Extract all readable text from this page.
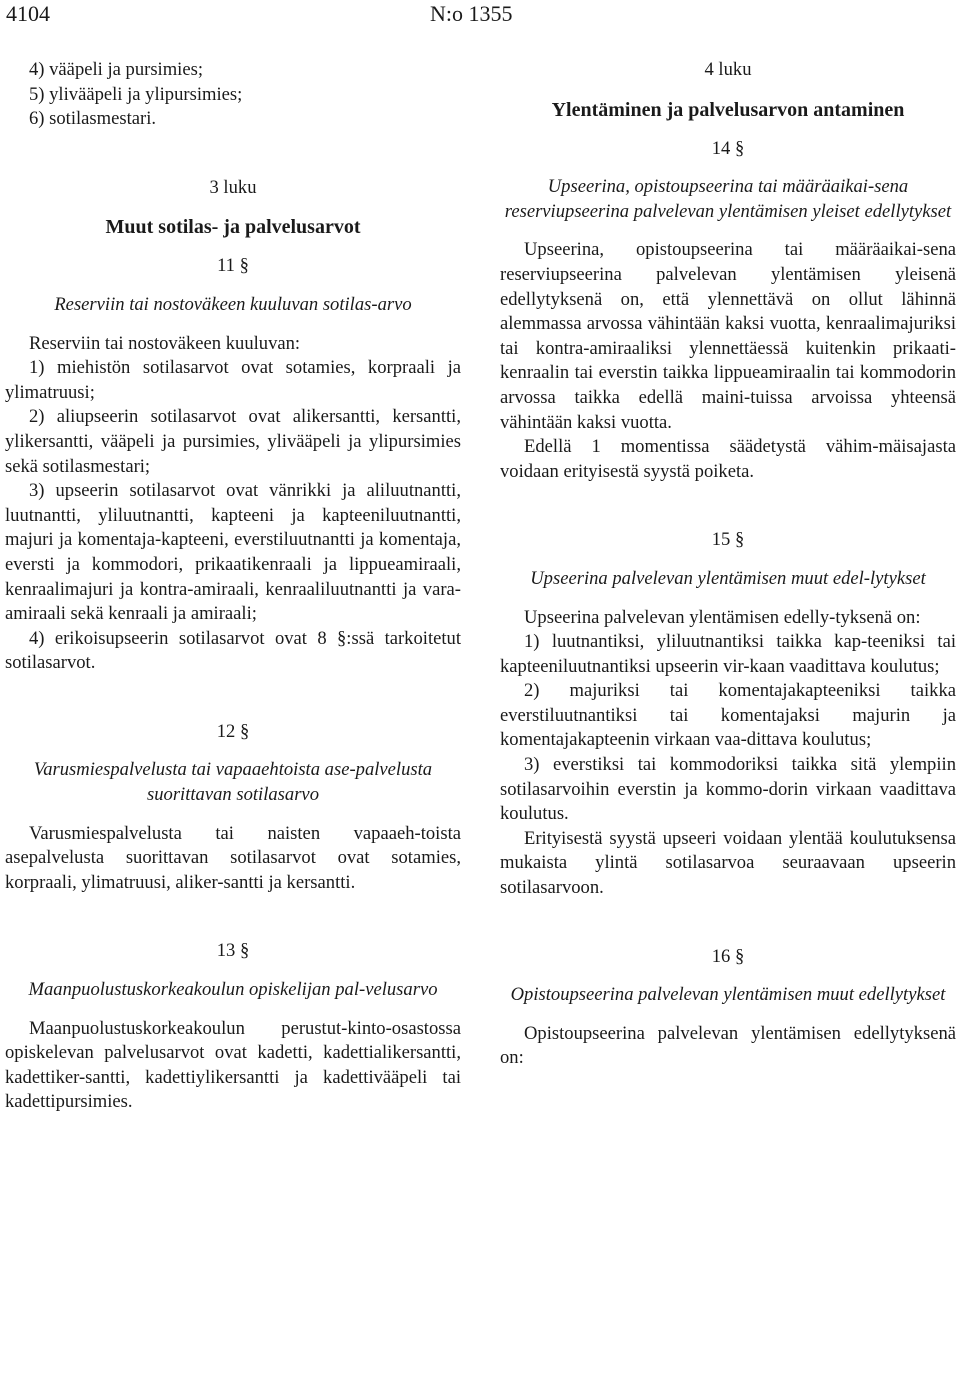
4104	N:o 1355

4) vääpeli ja pursimies;

5) ylivääpeli ja ylipursimies;

6) sotilasmestari.

3 luku

Muut sotilas- ja palvelusarvot

11 §

Reserviin tai nostoväkeen kuuluvan sotilas-arvo

Reserviin tai nostoväkeen kuuluvan:

1) miehistön sotilasarvot ovat sotamies, korpraali ja ylimatruusi;

2) aliupseerin sotilasarvot ovat alikersantti, kersantti, ylikersantti, vääpeli ja pursimies, ylivääpeli ja ylipursimies sekä sotilasmestari;

3) upseerin sotilasarvot ovat vänrikki ja aliluutnantti, luutnantti, yliluutnantti, kapteeni ja kapteeniluutnantti, majuri ja komentaja-kapteeni, everstiluutnantti ja komentaja, eversti ja kommodori, prikaatikenraali ja lippueamiraali, kenraalimajuri ja kontra-amiraali, kenraaliluutnantti ja vara-amiraali sekä kenraali ja amiraali;

4) erikoisupseerin sotilasarvot ovat 8 §:ssä tarkoitetut sotilasarvot.

12 §

Varusmiespalvelusta tai vapaaehtoista ase-palvelusta suorittavan sotilasarvo

Varusmiespalvelusta tai naisten vapaaeh-toista asepalvelusta suorittavan sotilasarvot ovat sotamies, korpraali, ylimatruusi, aliker-santti ja kersantti.

13 §

Maanpuolustuskorkeakoulun opiskelijan pal-velusarvo

Maanpuolustuskorkeakoulun perustut-kinto-osastossa opiskelevan palvelusarvot ovat kadetti, kadettialikersantti, kadettiker-santti, kadettiylikersantti ja kadettivääpeli tai kadettipursimies.

4 luku

Ylentäminen ja palvelusarvon antaminen

14 §

Upseerina, opistoupseerina tai määräaikai-sena reserviupseerina palvelevan ylentämisen yleiset edellytykset

Upseerina, opistoupseerina tai määräaikai-sena reserviupseerina palvelevan ylentämisen yleisenä edellytyksenä on, että ylennettävä on ollut lähinnä alemmassa arvossa vähintään kaksi vuotta, kenraalimajuriksi tai kontra-amiraaliksi ylennettäessä kuitenkin prikaati-kenraalin tai everstin taikka lippueamiraalin tai kommodorin arvossa taikka edellä maini-tuissa arvoissa yhteensä vähintään kaksi vuotta.

Edellä 1 momentissa säädetystä vähim-mäisajasta voidaan erityisestä syystä poiketa.

15 §

Upseerina palvelevan ylentämisen muut edel-lytykset

Upseerina palvelevan ylentämisen edelly-tyksenä on:

1) luutnantiksi, yliluutnantiksi taikka kap-teeniksi tai kapteeniluutnantiksi upseerin vir-kaan vaadittava koulutus;

2) majuriksi tai komentajakapteeniksi taikka everstiluutnantiksi tai komentajaksi majurin ja komentajakapteenin virkaan vaa-dittava koulutus;

3) everstiksi tai kommodoriksi taikka sitä ylempiin sotilasarvoihin everstin ja kommo-dorin virkaan vaadittava koulutus.

Erityisestä syystä upseeri voidaan ylentää koulutuksensa mukaista ylintä sotilasarvoa seuraavaan upseerin sotilasarvoon.

16 §

Opistoupseerina palvelevan ylentämisen muut edellytykset

Opistoupseerina palvelevan ylentämisen edellytyksenä on:
